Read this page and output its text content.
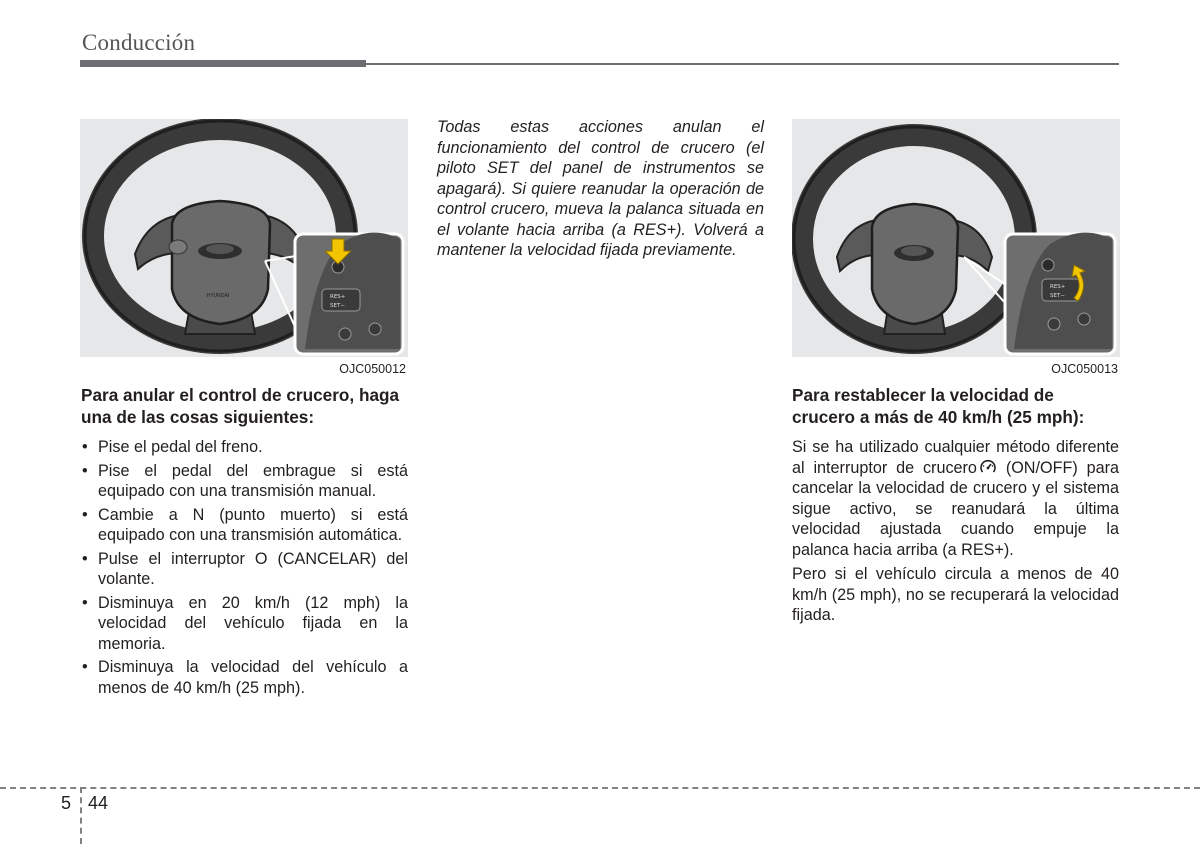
Conducción
HYUNDAI	RES+
SET−
OJC050012
RES+
SET−
OJC050013

Para anular el control de crucero, haga una de las cosas siguientes:

• Pise el pedal del freno.
• Pise el pedal del embrague si está equipado con una transmisión manual.
• Cambie a N (punto muerto) si está equipado con una transmisión automática.
• Pulse el interruptor O (CANCELAR) del volante.
• Disminuya en 20 km/h (12 mph) la velocidad del vehículo fijada en la memoria.
• Disminuya la velocidad del vehículo a menos de 40 km/h (25 mph).

Todas estas acciones anulan el funcionamiento del control de crucero (el piloto SET del panel de instrumentos se apagará). Si quiere reanudar la operación de control crucero, mueva la palanca situada en el volante hacia arriba (a RES+). Volverá a mantener la velocidad fijada previamente.

Para restablecer la velocidad de crucero a más de 40 km/h (25 mph):

Si se ha utilizado cualquier método diferente al interruptor de crucero (ON/OFF) para cancelar la velocidad de crucero y el sistema sigue activo, se reanudará la última velocidad ajustada cuando empuje la palanca hacia arriba (a RES+).

Pero si el vehículo circula a menos de 40 km/h (25 mph), no se recuperará la velocidad fijada.

5 44
